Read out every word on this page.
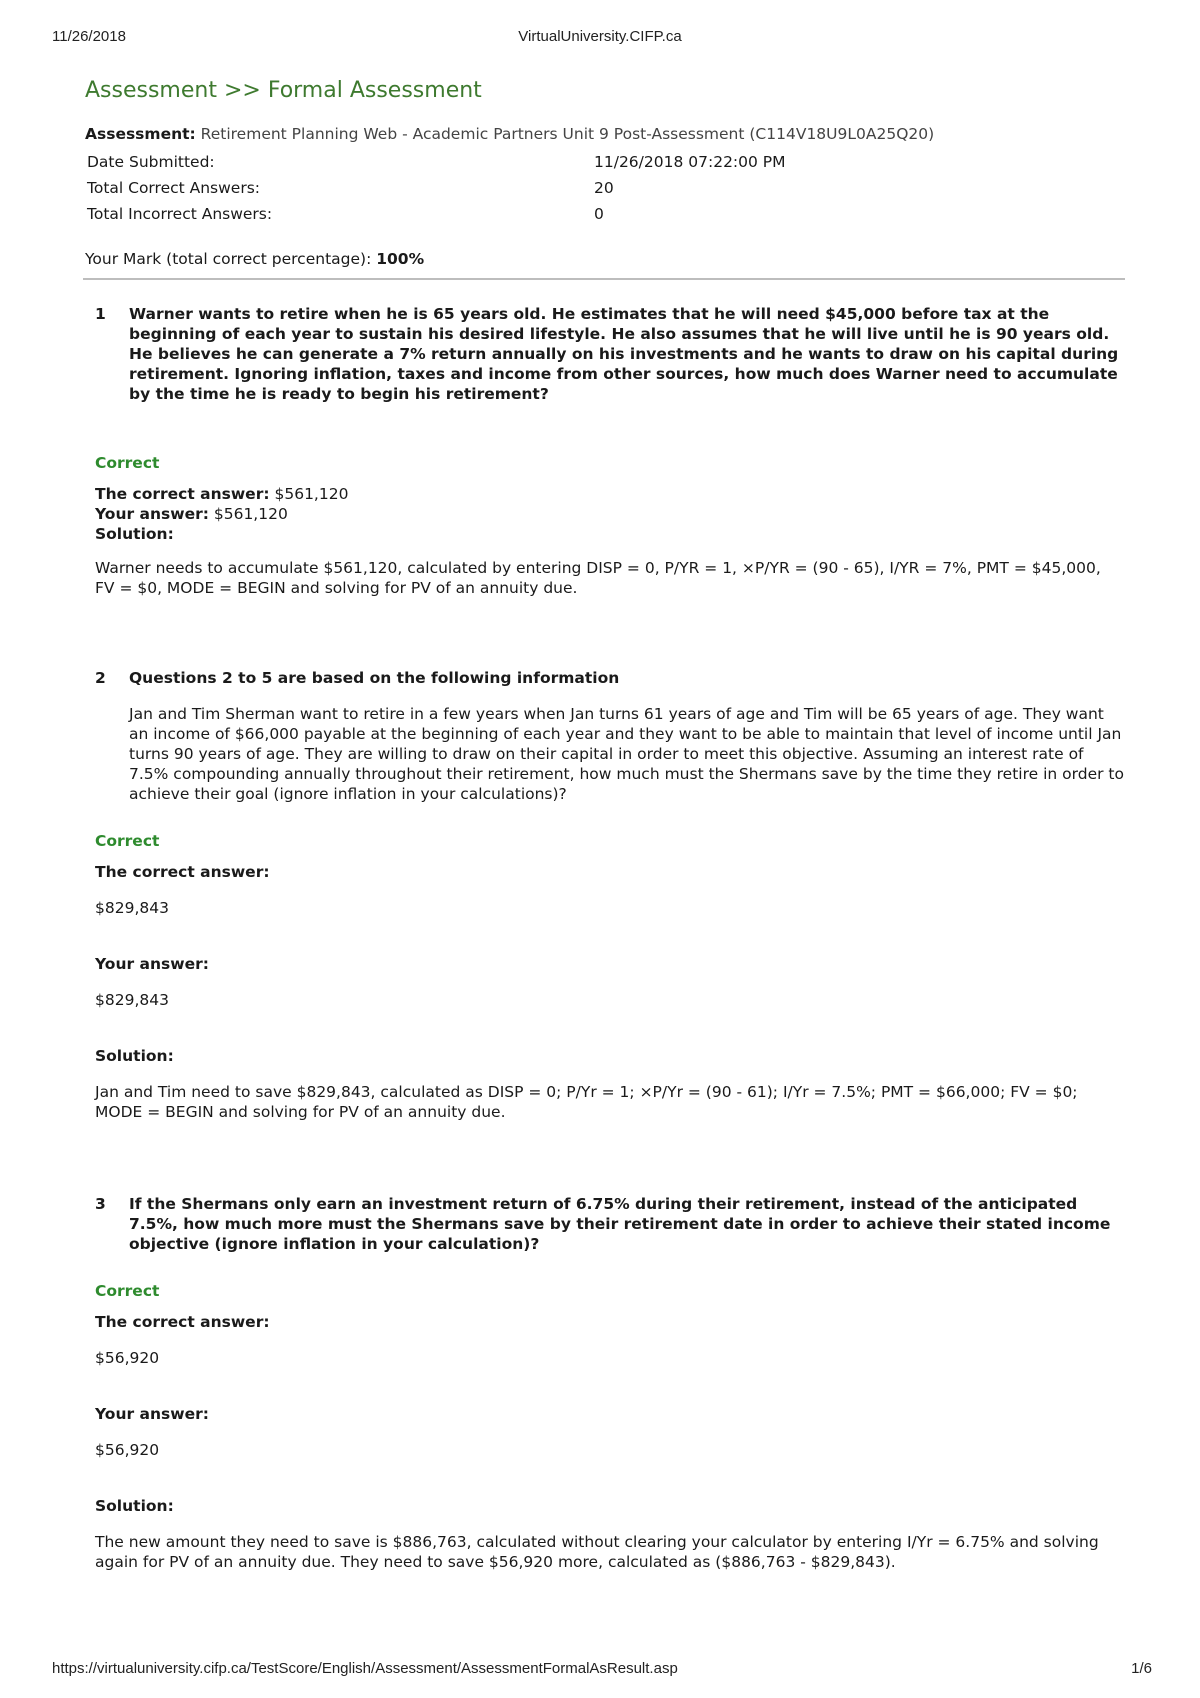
11/26/2018	VirtualUniversity.CIFP.ca
Assessment >> Formal Assessment
Assessment: Retirement Planning Web - Academic Partners Unit 9 Post-Assessment (C114V18U9L0A25Q20)
Date Submitted:	11/26/2018 07:22:00 PM
Total Correct Answers:	20
Total Incorrect Answers:	0
Your Mark (total correct percentage): 100%
1 Warner wants to retire when he is 65 years old. He estimates that he will need $45,000 before tax at the beginning of each year to sustain his desired lifestyle. He also assumes that he will live until he is 90 years old. He believes he can generate a 7% return annually on his investments and he wants to draw on his capital during retirement. Ignoring inflation, taxes and income from other sources, how much does Warner need to accumulate by the time he is ready to begin his retirement?
Correct
The correct answer: $561,120
Your answer: $561,120
Solution:
Warner needs to accumulate $561,120, calculated by entering DISP = 0, P/YR = 1, ×P/YR = (90 - 65), I/YR = 7%, PMT = $45,000, FV = $0, MODE = BEGIN and solving for PV of an annuity due.
2 Questions 2 to 5 are based on the following information
Jan and Tim Sherman want to retire in a few years when Jan turns 61 years of age and Tim will be 65 years of age. They want an income of $66,000 payable at the beginning of each year and they want to be able to maintain that level of income until Jan turns 90 years of age. They are willing to draw on their capital in order to meet this objective. Assuming an interest rate of 7.5% compounding annually throughout their retirement, how much must the Shermans save by the time they retire in order to achieve their goal (ignore inflation in your calculations)?
Correct
The correct answer:
$829,843
Your answer:
$829,843
Solution:
Jan and Tim need to save $829,843, calculated as DISP = 0; P/Yr = 1; ×P/Yr = (90 - 61); I/Yr = 7.5%; PMT = $66,000; FV = $0; MODE = BEGIN and solving for PV of an annuity due.
3 If the Shermans only earn an investment return of 6.75% during their retirement, instead of the anticipated 7.5%, how much more must the Shermans save by their retirement date in order to achieve their stated income objective (ignore inflation in your calculation)?
Correct
The correct answer:
$56,920
Your answer:
$56,920
Solution:
The new amount they need to save is $886,763, calculated without clearing your calculator by entering I/Yr = 6.75% and solving again for PV of an annuity due. They need to save $56,920 more, calculated as ($886,763 - $829,843).
https://virtualuniversity.cifp.ca/TestScore/English/Assessment/AssessmentFormalAsResult.asp	1/6
